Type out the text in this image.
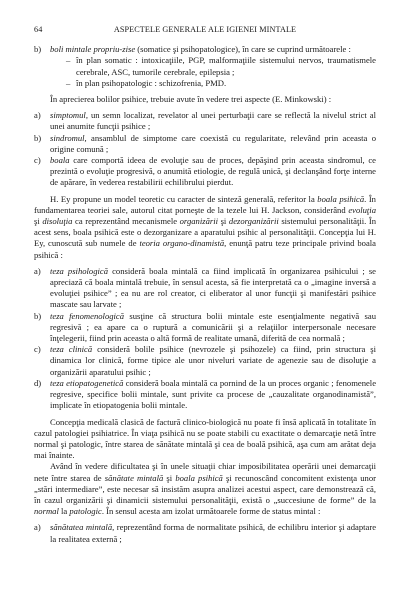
64	ASPECTELE GENERALE ALE IGIENEI MINTALE
b)	boli mintale propriu-zise (somatice şi psihopatologice), în care se cuprind următoarele :
– în plan somatic : intoxicaţiile, PGP, malformaţiile sistemului nervos, traumatismele cerebrale, ASC, tumorile cerebrale, epilepsia ;
– în plan psihopatologic : schizofrenia, PMD.

În aprecierea bolilor psihice, trebuie avute în vedere trei aspecte (E. Minkowski) :

a)	simptomul, un semn localizat, revelator al unei perturbaţii care se reflectă la nivelul strict al unei anumite funcţii psihice ;
b)	sindromul, ansamblul de simptome care coexistă cu regularitate, relevând prin aceasta o origine comună ;
c)	boala care comportă ideea de evoluţie sau de proces, depăşind prin aceasta sindromul, ce prezintă o evoluţie progresivă, o anumită etiologie, de regulă unică, şi declanşând forţe interne de apărare, în vederea restabilirii echilibrului pierdut.

H. Ey propune un model teoretic cu caracter de sinteză generală, referitor la boala psihică. În fundamentarea teoriei sale, autorul citat porneşte de la tezele lui H. Jackson, considerând evoluţia şi disoluţia ca reprezentând mecanismele organizării şi dezorganizării sistemului personalităţii. În acest sens, boala psihică este o dezorganizare a aparatului psihic al personalităţii. Concepţia lui H. Ey, cunoscută sub numele de teoria organo-dinamistă, enunţă patru teze principale privind boala psihică :

a)	teza psihologică consideră boala mintală ca fiind implicată în organizarea psihicului ; se apreciază că boala mintală trebuie, în sensul acesta, să fie interpretată ca o „imagine inversă a evoluţiei psihice” ; ea nu are rol creator, ci eliberator al unor funcţii şi manifestări psihice mascate sau larvate ;
b)	teza fenomenologică susţine că structura bolii mintale este esenţialmente negativă sau regresivă ; ea apare ca o ruptură a comunicării şi a relaţiilor interpersonale necesare înţelegerii, fiind prin aceasta o altă formă de realitate umană, diferită de cea normală ;
c)	teza clinică consideră bolile psihice (nevrozele şi psihozele) ca fiind, prin structura şi dinamica lor clinică, forme tipice ale unor niveluri variate de agenezie sau de disoluţie a organizării aparatului psihic ;
d)	teza etiopatogenetică consideră boala mintală ca pornind de la un proces organic ; fenomenele regresive, specifice bolii mintale, sunt privite ca procese de „cauzalitate organodinamistă”, implicate în etiopatogenia bolii mintale.

Concepţia medicală clasică de factură clinico-biologică nu poate fi însă aplicată în totalitate în cazul patologiei psihiatrice. În viaţa psihică nu se poate stabili cu exactitate o demarcaţie netă între normal şi patologic, între starea de sănătate mintală şi cea de boală psihică, aşa cum am arătat deja mai înainte.

Având în vedere dificultatea şi în unele situaţii chiar imposibilitatea operării unei demarcaţii nete între starea de sănătate mintală şi boala psihică şi recunoscând concomitent existenţa unor „stări intermediare”, este necesar să insistăm asupra analizei acestui aspect, care demonstrează că, în cazul organizării şi dinamicii sistemului personalităţii, există o „succesiune de forme” de la normal la patologic. În sensul acesta am izolat următoarele forme de status mintal :

a)	sănătatea mintală, reprezentând forma de normalitate psihică, de echilibru interior şi adaptare la realitatea externă ;
